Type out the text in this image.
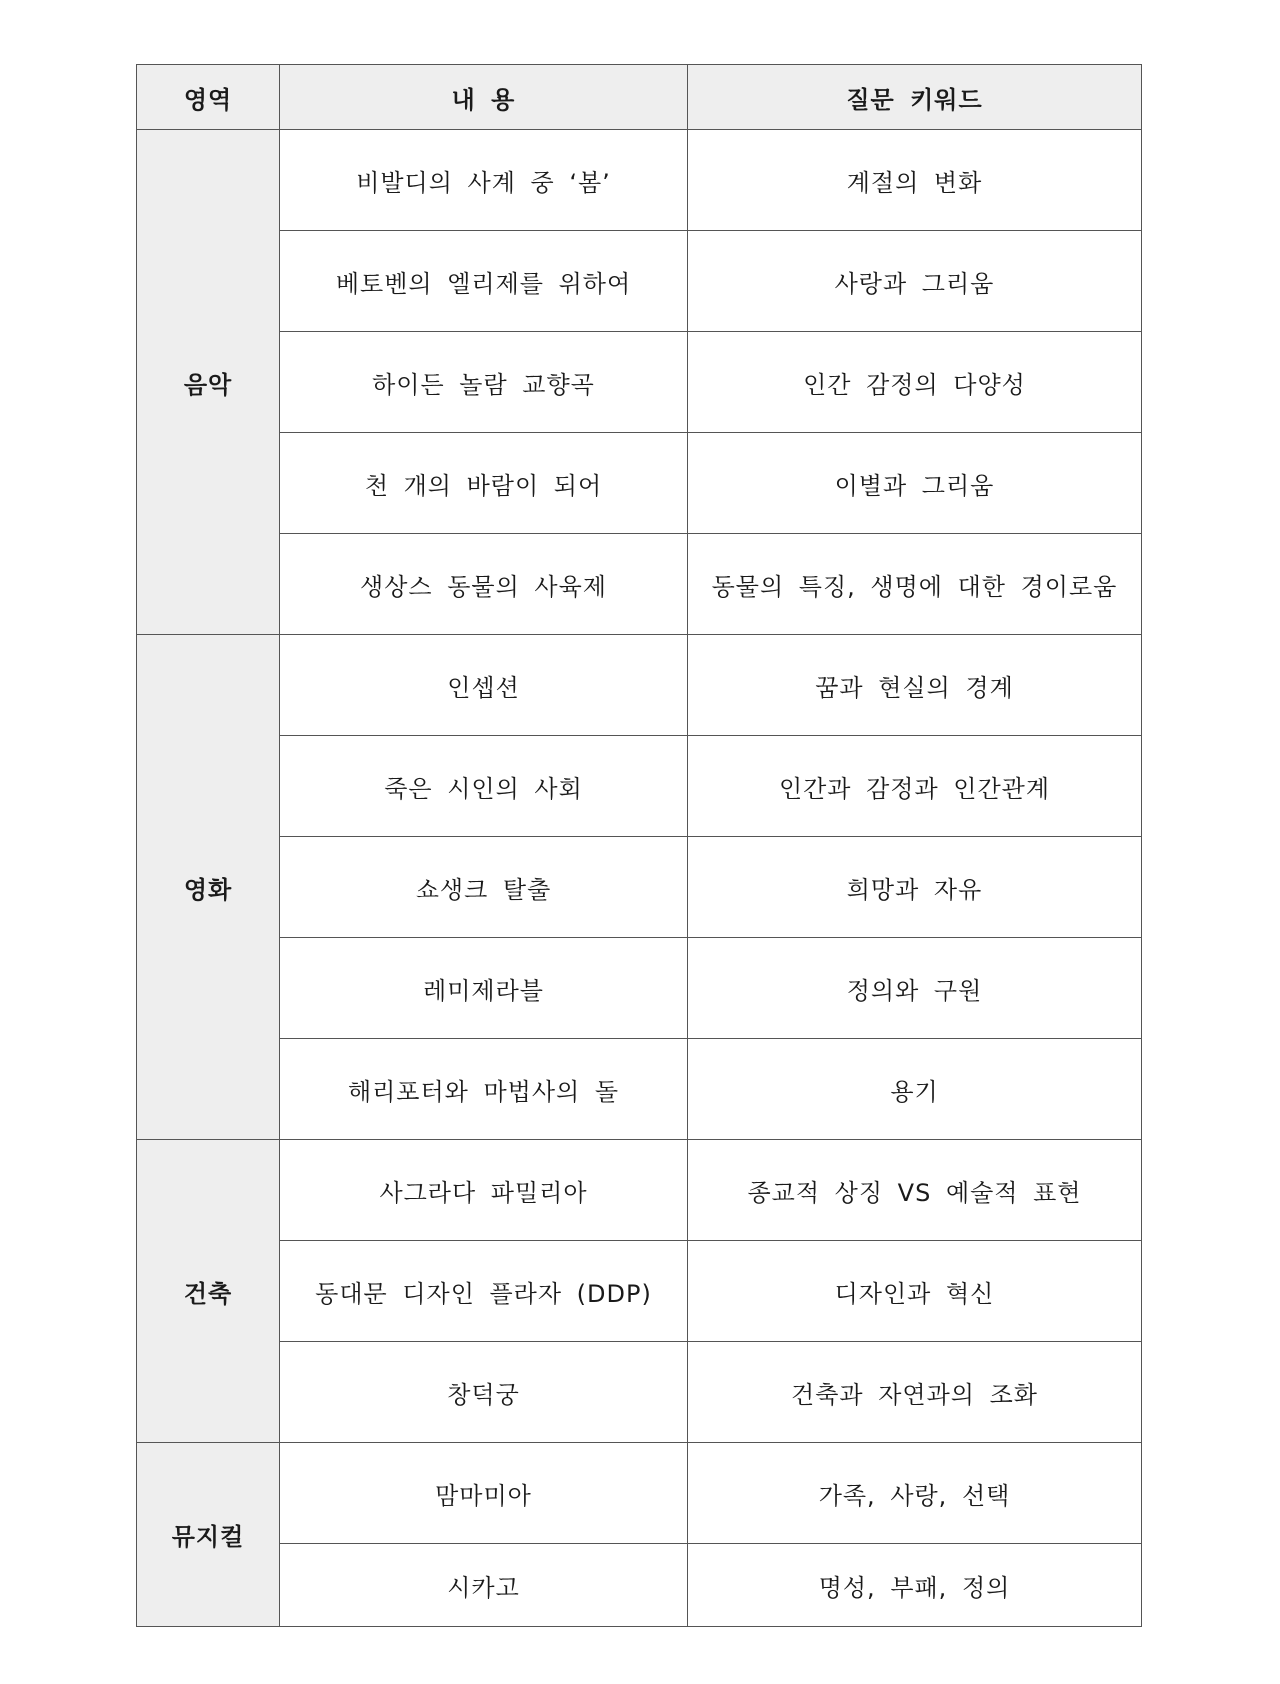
영역	내 용	질문 키워드
음악	비발디의 사계 중 ‘봄’	계절의 변화
	베토벤의 엘리제를 위하여	사랑과 그리움
	하이든 놀람 교향곡	인간 감정의 다양성
	천 개의 바람이 되어	이별과 그리움
	생상스 동물의 사육제	동물의 특징, 생명에 대한 경이로움
영화	인셉션	꿈과 현실의 경계
	죽은 시인의 사회	인간과 감정과 인간관계
	쇼생크 탈출	희망과 자유
	레미제라블	정의와 구원
	해리포터와 마법사의 돌	용기
건축	사그라다 파밀리아	종교적 상징 VS 예술적 표현
	동대문 디자인 플라자 (DDP)	디자인과 혁신
	창덕궁	건축과 자연과의 조화
뮤지컬	맘마미아	가족, 사랑, 선택
	시카고	명성, 부패, 정의
